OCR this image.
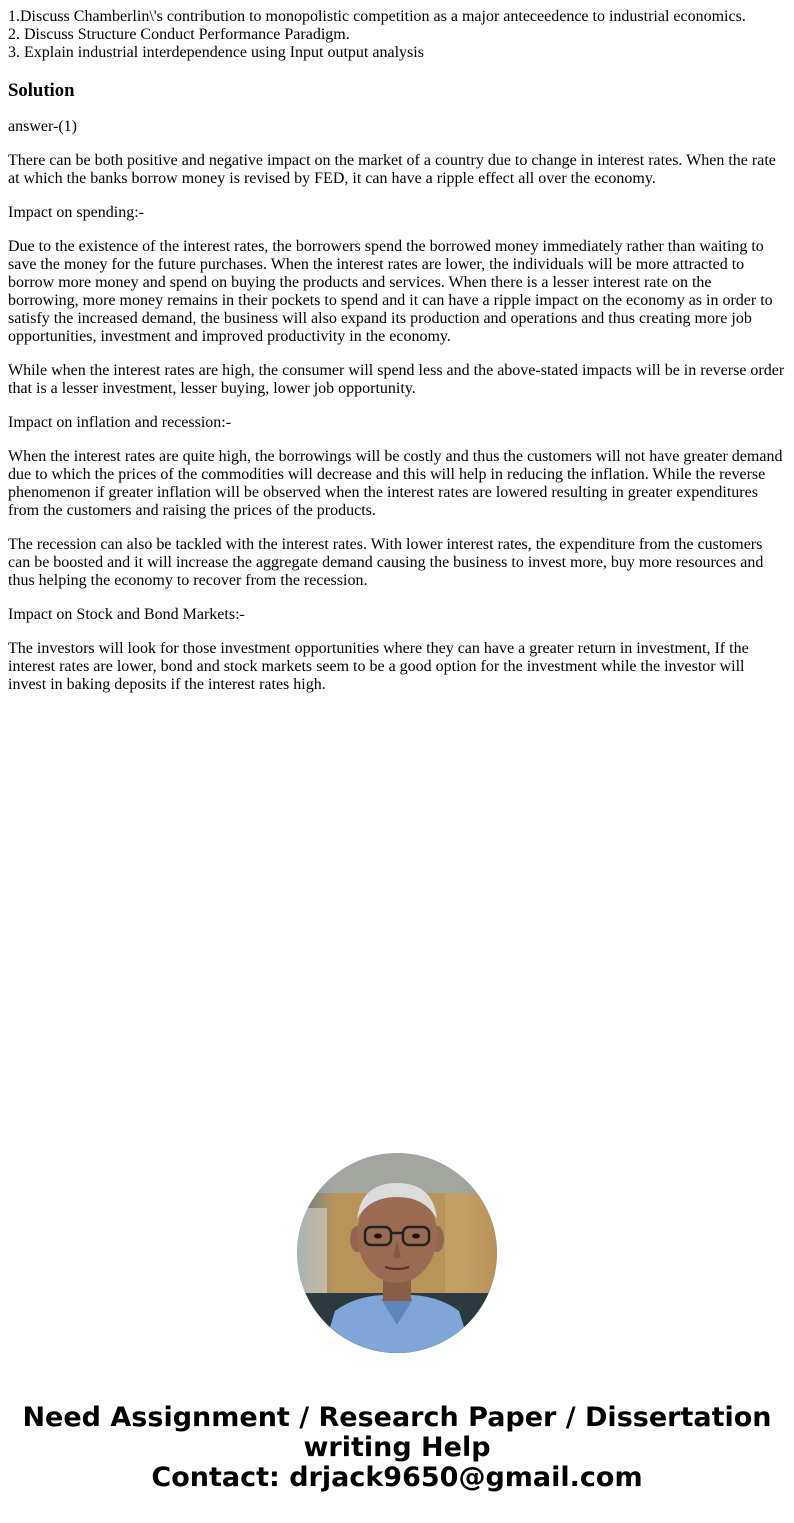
1.Discuss Chamberlin\'s contribution to monopolistic competition as a major anteceedence to industrial economics.
2. Discuss Structure Conduct Performance Paradigm.
3. Explain industrial interdependence using Input output analysis
Solution

answer-(1)

There can be both positive and negative impact on the market of a country due to change in interest rates. When the rate at which the banks borrow money is revised by FED, it can have a ripple effect all over the economy.

Impact on spending:-

Due to the existence of the interest rates, the borrowers spend the borrowed money immediately rather than waiting to save the money for the future purchases. When the interest rates are lower, the individuals will be more attracted to borrow more money and spend on buying the products and services. When there is a lesser interest rate on the borrowing, more money remains in their pockets to spend and it can have a ripple impact on the economy as in order to satisfy the increased demand, the business will also expand its production and operations and thus creating more job opportunities, investment and improved productivity in the economy.

While when the interest rates are high, the consumer will spend less and the above-stated impacts will be in reverse order that is a lesser investment, lesser buying, lower job opportunity.

Impact on inflation and recession:-

When the interest rates are quite high, the borrowings will be costly and thus the customers will not have greater demand due to which the prices of the commodities will decrease and this will help in reducing the inflation. While the reverse phenomenon if greater inflation will be observed when the interest rates are lowered resulting in greater expenditures from the customers and raising the prices of the products.

The recession can also be tackled with the interest rates. With lower interest rates, the expenditure from the customers can be boosted and it will increase the aggregate demand causing the business to invest more, buy more resources and thus helping the economy to recover from the recession.

Impact on Stock and Bond Markets:-

The investors will look for those investment opportunities where they can have a greater return in investment, If the interest rates are lower, bond and stock markets seem to be a good option for the investment while the investor will invest in baking deposits if the interest rates high.

Need Assignment / Research Paper / Dissertation
writing Help
Contact: drjack9650@gmail.com
